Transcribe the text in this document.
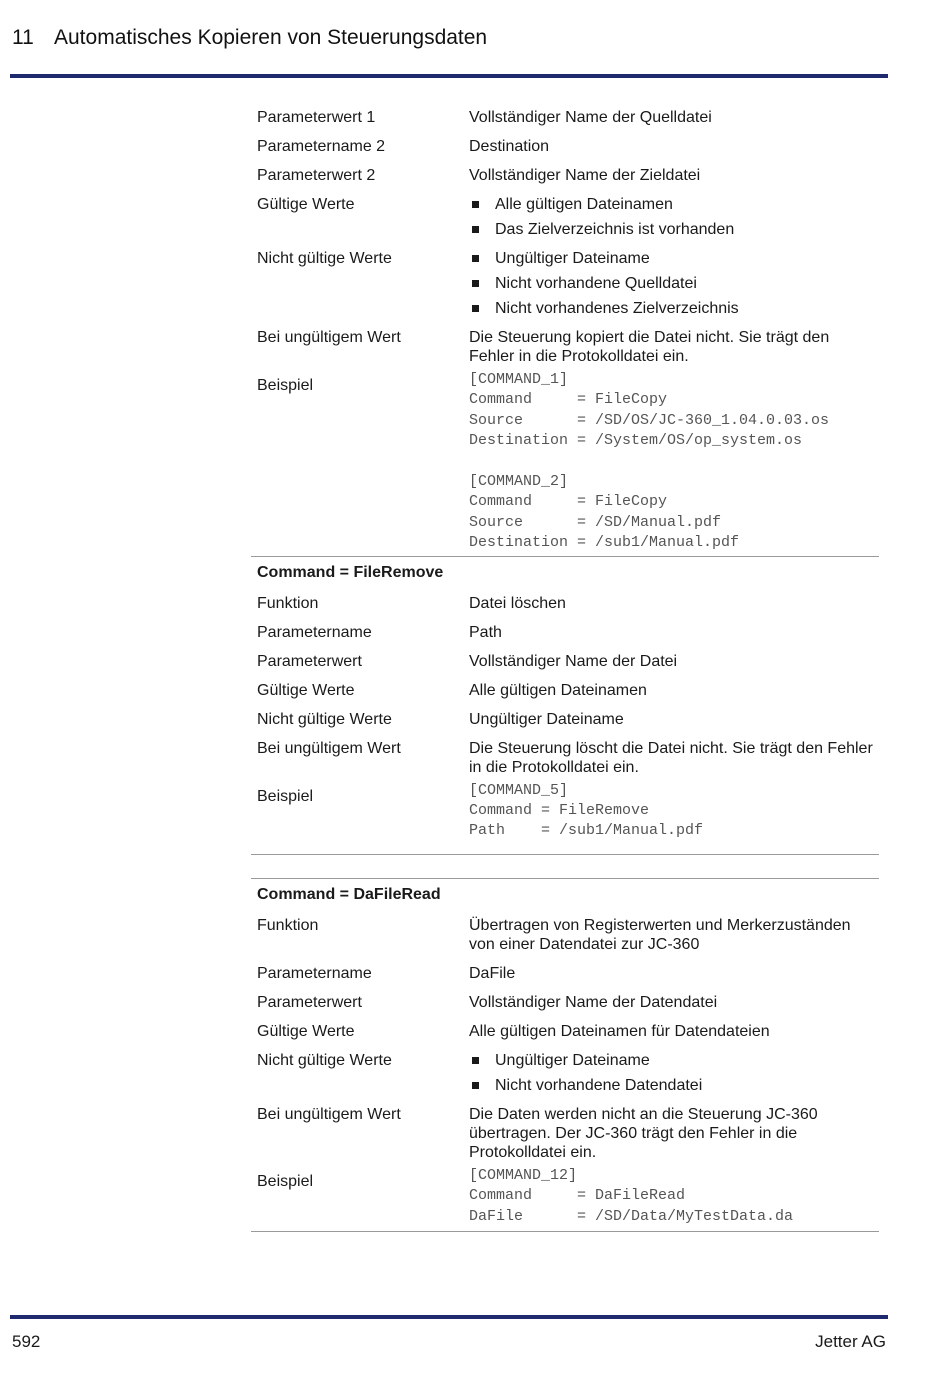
11 Automatisches Kopieren von Steuerungsdaten
Parameterwert 1	Vollständiger Name der Quelldatei
Parametername 2	Destination
Parameterwert 2	Vollständiger Name der Zieldatei
Gültige Werte	Alle gültigen Dateinamen
Das Zielverzeichnis ist vorhanden
Nicht gültige Werte	Ungültiger Dateiname
Nicht vorhandene Quelldatei
Nicht vorhandenes Zielverzeichnis
Bei ungültigem Wert	Die Steuerung kopiert die Datei nicht. Sie trägt den Fehler in die Protokolldatei ein.
Beispiel	[COMMAND_1]
Command     = FileCopy
Source      = /SD/OS/JC-360_1.04.0.03.os
Destination = /System/OS/op_system.os

[COMMAND_2]
Command     = FileCopy
Source      = /SD/Manual.pdf
Destination = /sub1/Manual.pdf
Command = FileRemove
Funktion	Datei löschen
Parametername	Path
Parameterwert	Vollständiger Name der Datei
Gültige Werte	Alle gültigen Dateinamen
Nicht gültige Werte	Ungültiger Dateiname
Bei ungültigem Wert	Die Steuerung löscht die Datei nicht. Sie trägt den Fehler in die Protokolldatei ein.
Beispiel	[COMMAND_5]
Command = FileRemove
Path    = /sub1/Manual.pdf
Command = DaFileRead
Funktion	Übertragen von Registerwerten und Merkerzuständen von einer Datendatei zur JC-360
Parametername	DaFile
Parameterwert	Vollständiger Name der Datendatei
Gültige Werte	Alle gültigen Dateinamen für Datendateien
Nicht gültige Werte	Ungültiger Dateiname
Nicht vorhandene Datendatei
Bei ungültigem Wert	Die Daten werden nicht an die Steuerung JC-360 übertragen. Der JC-360 trägt den Fehler in die Protokolldatei ein.
Beispiel	[COMMAND_12]
Command     = DaFileRead
DaFile      = /SD/Data/MyTestData.da
592	Jetter AG
